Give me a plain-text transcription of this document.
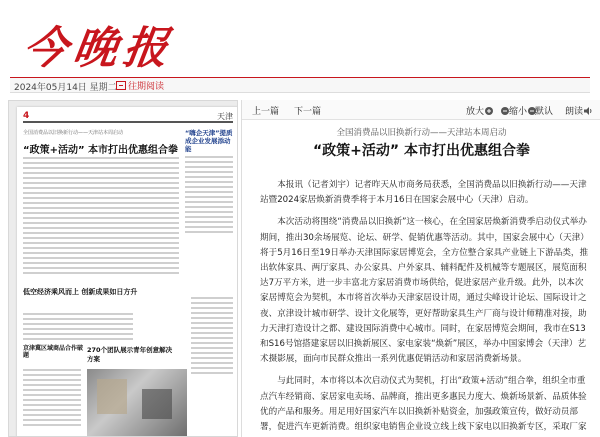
今晚报
2024年05月14日 星期二	往期阅读
4	天津
全国消费品以旧换新行动——天津站本周启动
“政策+活动” 本市打出优惠组合拳
“嗨企天津”提质成企业发展添动能
低空经济乘风而上 创新成果如日方升
京津冀区域商品合作破题
270个团队展示青年创意解决方案
上一篇 下一篇	放大	缩小 默认 朗读
全国消费品以旧换新行动——天津站本周启动
“政策+活动” 本市打出优惠组合拳

本报讯（记者刘宇）记者昨天从市商务局获悉，全国消费品以旧换新行动——天津站暨2024家居焕新消费季将于本月16日在国家会展中心（天津）启动。

本次活动将围绕“消费品以旧换新”这一核心，在全国家居焕新消费季启动仪式举办期间，推出30余场展览、论坛、研学、促销优惠等活动。其中，国家会展中心（天津）将于5月16日至19日举办天津国际家居博览会，全方位整合家具产业链上下游品类，推出软体家具、两厅家具、办公家具、户外家具、辅料配件及机械等专题展区，展览面积达7万平方米，进一步丰富北方家居消费市场供给，促进家居产业升级。此外，以本次家居博览会为契机，本市将首次举办天津家居设计周，通过尖峰设计论坛、国际设计之夜、京津设计城市研学、设计文化展等，更好帮助家具生产厂商与设计师精准对接，助力天津打造设计之都、建设国际消费中心城市。同时，在家居博览会期间，我市在S13和S16号馆搭建家居以旧换新展区、家电家装“焕新”展区，举办中国家博会（天津）艺术摄影展，面向市民群众推出一系列优惠促销活动和家居消费新场景。

与此同时，本市将以本次启动仪式为契机，打出“政策+活动”组合拳，组织全市重点汽车经销商、家居家电卖场、品牌商，推出更多惠民力度大、焕新场景新、品质体验优的产品和服务。用足用好国家汽车以旧换新补贴资金，加强政策宣传，做好动员部署，促进汽车更新消费。组织家电销售企业设立线上线下家电以旧换新专区，采取厂家
